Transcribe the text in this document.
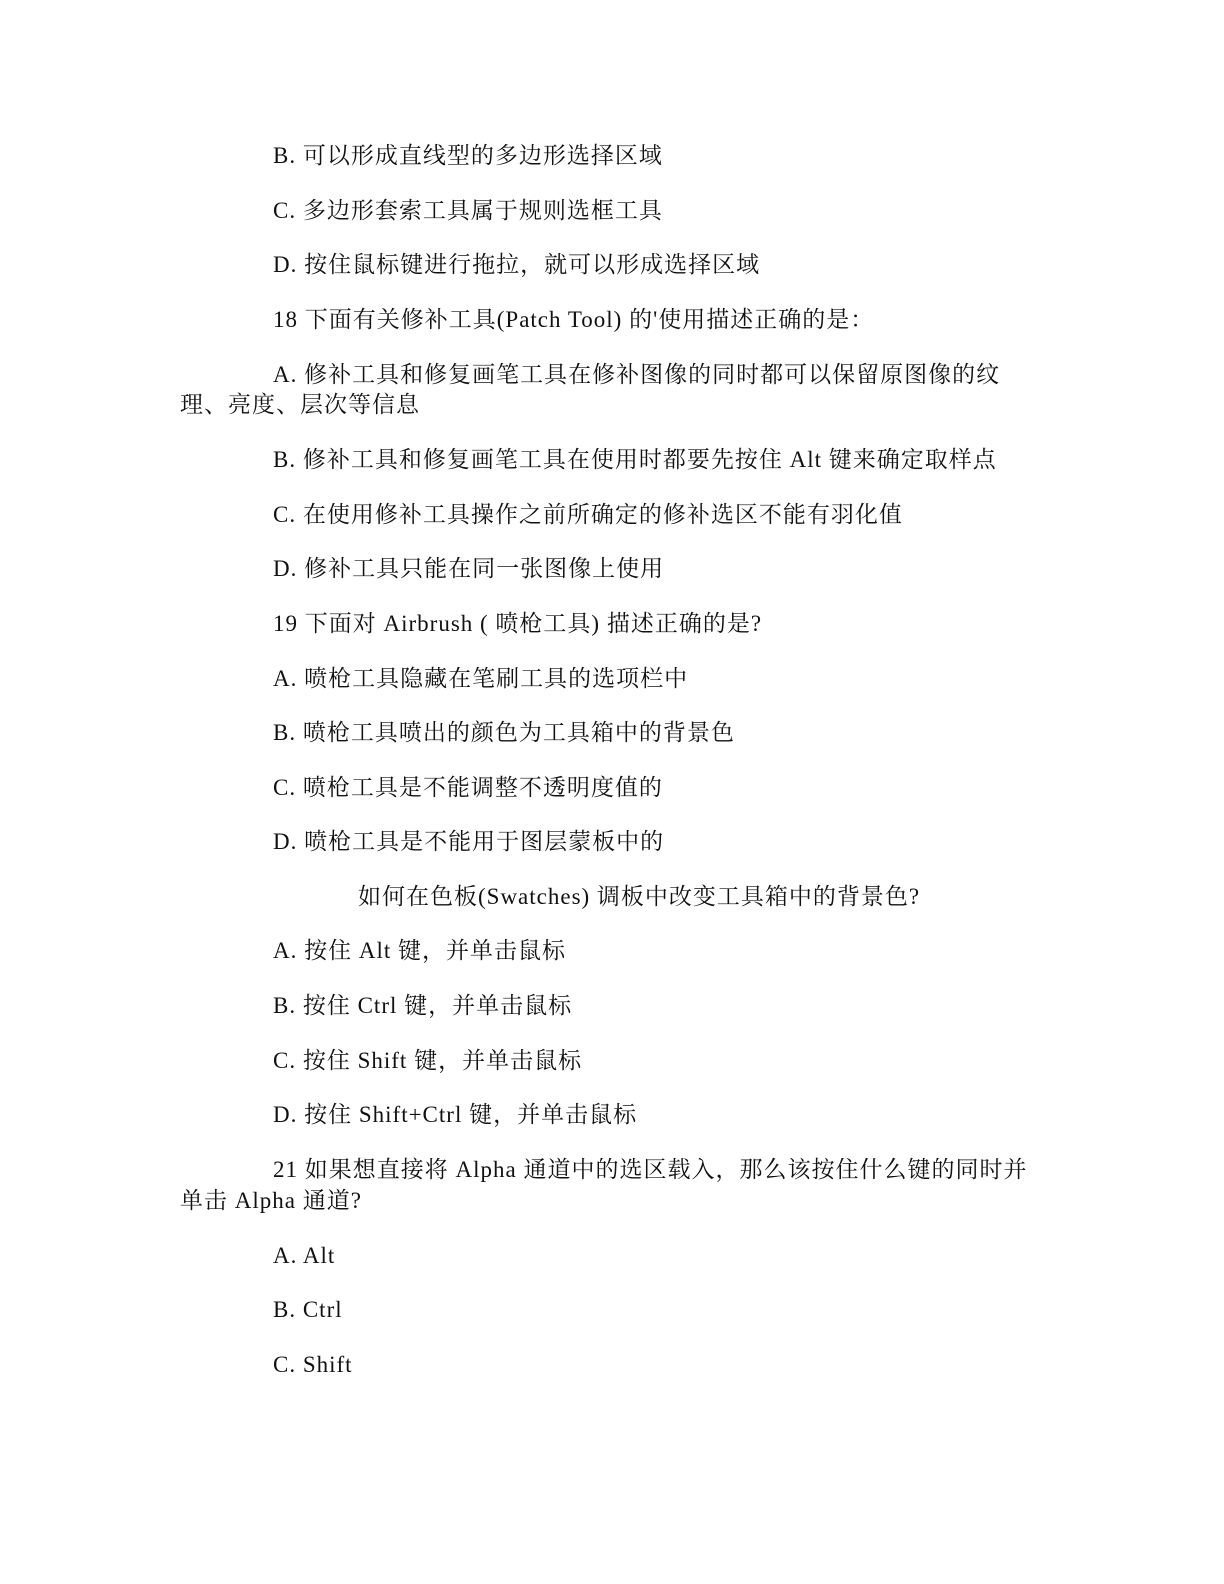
B. 可以形成直线型的多边形选择区域
C. 多边形套索工具属于规则选框工具
D. 按住鼠标键进行拖拉，就可以形成选择区域
18 下面有关修补工具(Patch Tool) 的'使用描述正确的是：
A. 修补工具和修复画笔工具在修补图像的同时都可以保留原图像的纹
理、亮度、层次等信息
B. 修补工具和修复画笔工具在使用时都要先按住 Alt 键来确定取样点
C. 在使用修补工具操作之前所确定的修补选区不能有羽化值
D. 修补工具只能在同一张图像上使用
19 下面对 Airbrush ( 喷枪工具) 描述正确的是?
A. 喷枪工具隐藏在笔刷工具的选项栏中
B. 喷枪工具喷出的颜色为工具箱中的背景色
C. 喷枪工具是不能调整不透明度值的
D. 喷枪工具是不能用于图层蒙板中的
如何在色板(Swatches) 调板中改变工具箱中的背景色?
A. 按住 Alt 键，并单击鼠标
B. 按住 Ctrl 键，并单击鼠标
C. 按住 Shift 键，并单击鼠标
D. 按住 Shift+Ctrl 键，并单击鼠标
21 如果想直接将 Alpha 通道中的选区载入，那么该按住什么键的同时并
单击 Alpha 通道?
A. Alt
B. Ctrl
C. Shift
